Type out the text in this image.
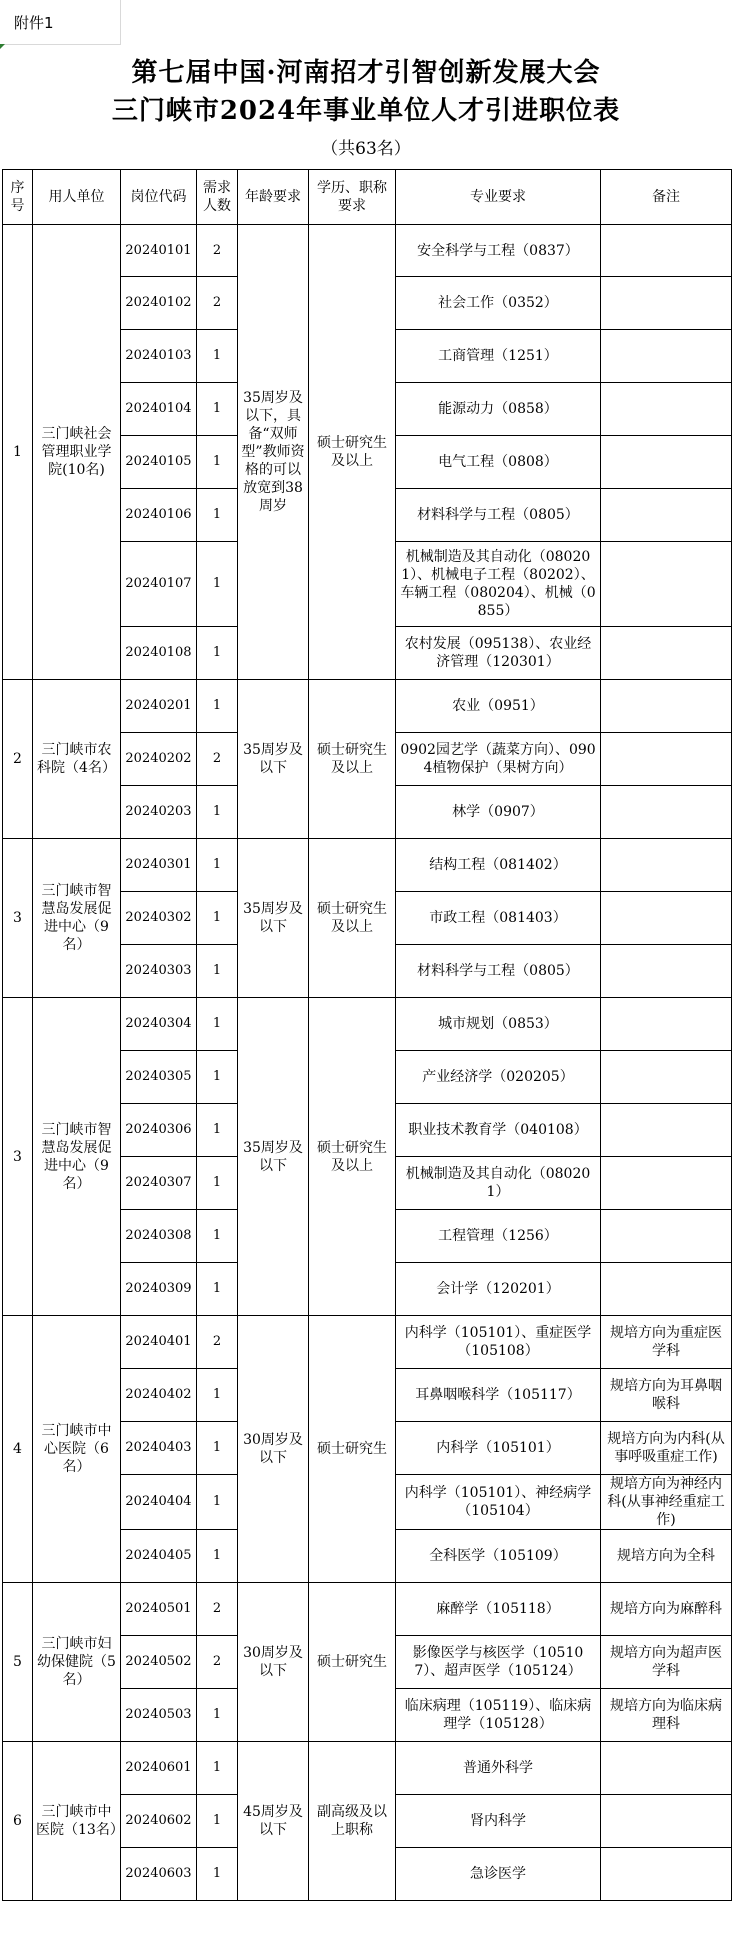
附件1
第七届中国·河南招才引智创新发展大会
三门峡市2024年事业单位人才引进职位表
（共63名）
序号	用人单位	岗位代码	需求人数	年龄要求	学历、职称要求	专业要求	备注
1	三门峡社会管理职业学院(10名)	20240101	2	35周岁及以下，具备“双师型”教师资格的可以放宽到38周岁	硕士研究生及以上	安全科学与工程（0837）	
		20240102	2			社会工作（0352）	
		20240103	1			工商管理（1251）	
		20240104	1			能源动力（0858）	
		20240105	1			电气工程（0808）	
		20240106	1			材料科学与工程（0805）	
		20240107	1			机械制造及其自动化（080201）、机械电子工程（80202）、车辆工程（080204）、机械（0855）	
		20240108	1			农村发展（095138）、农业经济管理（120301）	
2	三门峡市农科院（4名）	20240201	1	35周岁及以下	硕士研究生及以上	农业（0951）	
		20240202	2			0902园艺学（蔬菜方向）、0904植物保护（果树方向）	
		20240203	1			林学（0907）	
3	三门峡市智慧岛发展促进中心（9名）	20240301	1	35周岁及以下	硕士研究生及以上	结构工程（081402）	
		20240302	1			市政工程（081403）	
		20240303	1			材料科学与工程（0805）	
3	三门峡市智慧岛发展促进中心（9名）	20240304	1	35周岁及以下	硕士研究生及以上	城市规划（0853）	
		20240305	1			产业经济学（020205）	
		20240306	1			职业技术教育学（040108）	
		20240307	1			机械制造及其自动化（080201）	
		20240308	1			工程管理（1256）	
		20240309	1			会计学（120201）	
4	三门峡市中心医院（6名）	20240401	2	30周岁及以下	硕士研究生	内科学（105101）、重症医学（105108）	规培方向为重症医学科
		20240402	1			耳鼻咽喉科学（105117）	规培方向为耳鼻咽喉科
		20240403	1			内科学（105101）	规培方向为内科(从事呼吸重症工作)
		20240404	1			内科学（105101）、神经病学（105104）	规培方向为神经内科(从事神经重症工作)
		20240405	1			全科医学（105109）	规培方向为全科
5	三门峡市妇幼保健院（5名）	20240501	2	30周岁及以下	硕士研究生	麻醉学（105118）	规培方向为麻醉科
		20240502	2			影像医学与核医学（105107）、超声医学（105124）	规培方向为超声医学科
		20240503	1			临床病理（105119）、临床病理学（105128）	规培方向为临床病理科
6	三门峡市中医院（13名）	20240601	1	45周岁及以下	副高级及以上职称	普通外科学	
		20240602	1			肾内科学	
		20240603	1			急诊医学	
